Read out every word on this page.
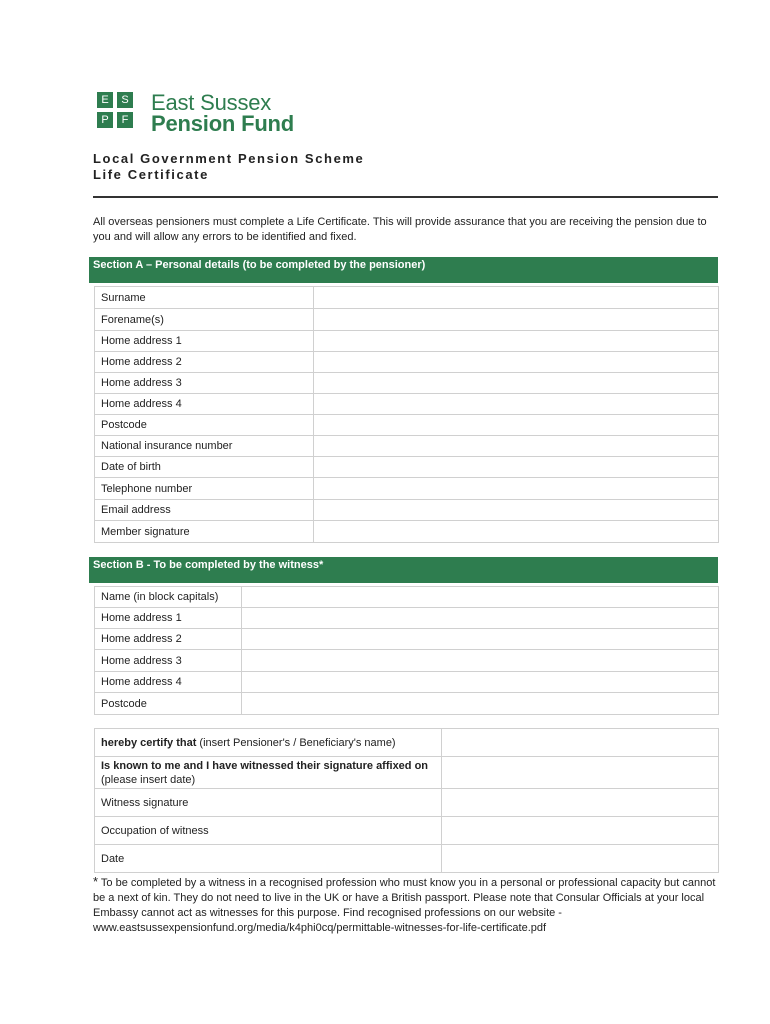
E	S
P	F
East Sussex
Pension Fund
Local Government Pension Scheme
Life Certificate
All overseas pensioners must complete a Life Certificate. This will provide assurance that you are receiving the pension due to you and will allow any errors to be identified and fixed.
Section A – Personal details (to be completed by the pensioner)
Surname	
Forename(s)	
Home address 1	
Home address 2	
Home address 3	
Home address 4	
Postcode	
National insurance number	
Date of birth	
Telephone number	
Email address	
Member signature	
Section B - To be completed by the witness*
Name (in block capitals)	
Home address 1	
Home address 2	
Home address 3	
Home address 4	
Postcode	
hereby certify that (insert Pensioner's / Beneficiary's name)	
Is known to me and I have witnessed their signature affixed on (please insert date)	
Witness signature	
Occupation of witness	
Date	
* To be completed by a witness in a recognised profession who must know you in a personal or professional capacity but cannot be a next of kin. They do not need to live in the UK or have a British passport. Please note that Consular Officials at your local Embassy cannot act as witnesses for this purpose. Find recognised professions on our website - www.eastsussexpensionfund.org/media/k4phi0cq/permittable-witnesses-for-life-certificate.pdf
